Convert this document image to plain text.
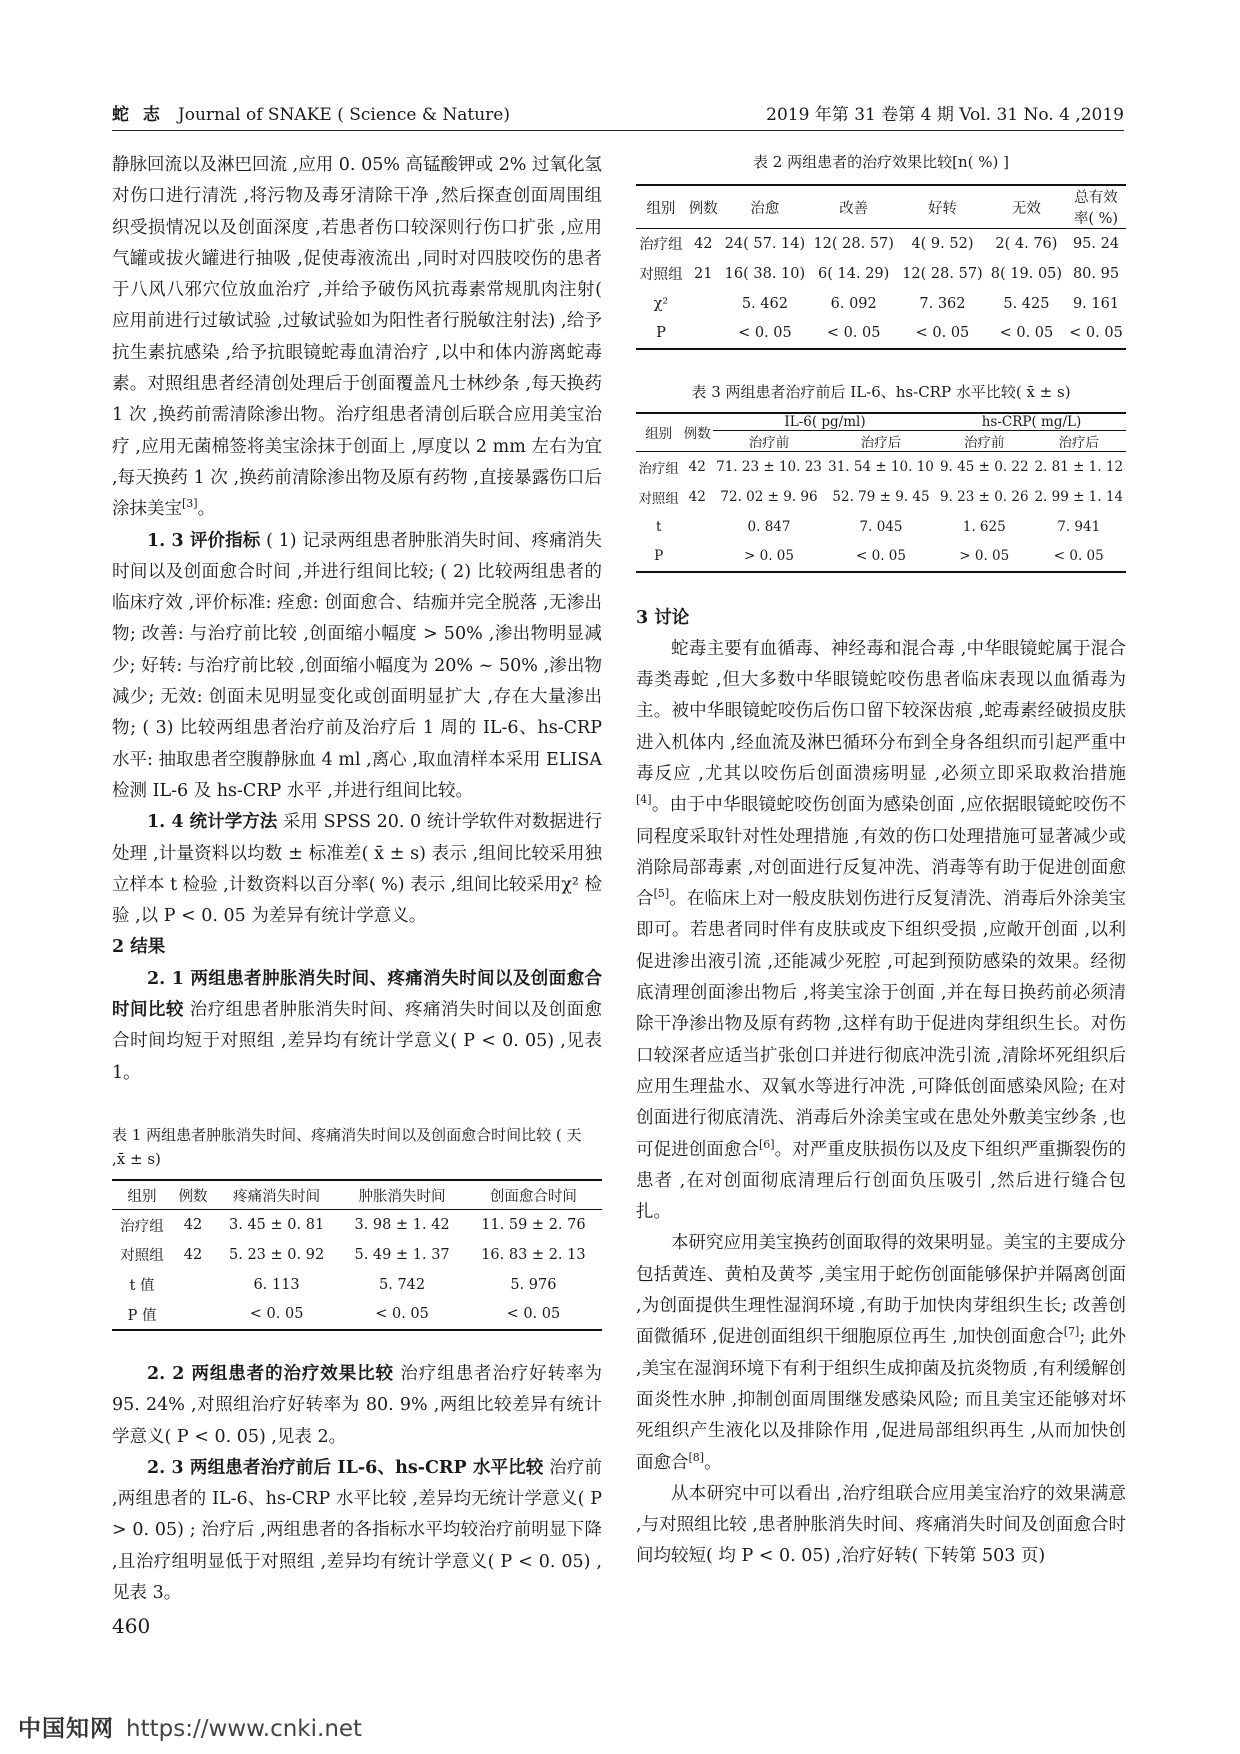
蛇 志 Journal of SNAKE ( Science & Nature)	2019 年第 31 卷第 4 期 Vol. 31 No. 4 ,2019

静脉回流以及淋巴回流 ,应用 0. 05% 高锰酸钾或 2% 过氧化氢对伤口进行清洗 ,将污物及毒牙清除干净 ,然后探查创面周围组织受损情况以及创面深度 ,若患者伤口较深则行伤口扩张 ,应用气罐或拔火罐进行抽吸 ,促使毒液流出 ,同时对四肢咬伤的患者于八风八邪穴位放血治疗 ,并给予破伤风抗毒素常规肌肉注射( 应用前进行过敏试验 ,过敏试验如为阳性者行脱敏注射法) ,给予抗生素抗感染 ,给予抗眼镜蛇毒血清治疗 ,以中和体内游离蛇毒素。对照组患者经清创处理后于创面覆盖凡士林纱条 ,每天换药 1 次 ,换药前需清除渗出物。治疗组患者清创后联合应用美宝治疗 ,应用无菌棉签将美宝涂抹于创面上 ,厚度以 2 mm 左右为宜 ,每天换药 1 次 ,换药前清除渗出物及原有药物 ,直接暴露伤口后涂抹美宝[3]。

1. 3 评价指标 ( 1) 记录两组患者肿胀消失时间、疼痛消失时间以及创面愈合时间 ,并进行组间比较; ( 2) 比较两组患者的临床疗效 ,评价标准: 痊愈: 创面愈合、结痂并完全脱落 ,无渗出物; 改善: 与治疗前比较 ,创面缩小幅度 > 50% ,渗出物明显减少; 好转: 与治疗前比较 ,创面缩小幅度为 20% ~ 50% ,渗出物减少; 无效: 创面未见明显变化或创面明显扩大 ,存在大量渗出物; ( 3) 比较两组患者治疗前及治疗后 1 周的 IL-6、hs-CRP 水平: 抽取患者空腹静脉血 4 ml ,离心 ,取血清样本采用 ELISA 检测 IL-6 及 hs-CRP 水平 ,并进行组间比较。

1. 4 统计学方法 采用 SPSS 20. 0 统计学软件对数据进行处理 ,计量资料以均数 ± 标准差( x̄ ± s) 表示 ,组间比较采用独立样本 t 检验 ,计数资料以百分率( %) 表示 ,组间比较采用χ² 检验 ,以 P < 0. 05 为差异有统计学意义。

2 结果

2. 1 两组患者肿胀消失时间、疼痛消失时间以及创面愈合时间比较 治疗组患者肿胀消失时间、疼痛消失时间以及创面愈合时间均短于对照组 ,差异均有统计学意义( P < 0. 05) ,见表 1。

表 1 两组患者肿胀消失时间、疼痛消失时间以及创面愈合时间比较 ( 天 ,x̄ ± s)
组别	例数	疼痛消失时间	肿胀消失时间	创面愈合时间
治疗组	42	3. 45 ± 0. 81	3. 98 ± 1. 42	11. 59 ± 2. 76
对照组	42	5. 23 ± 0. 92	5. 49 ± 1. 37	16. 83 ± 2. 13
t 值		6. 113	5. 742	5. 976
P 值		< 0. 05	< 0. 05	< 0. 05

2. 2 两组患者的治疗效果比较 治疗组患者治疗好转率为 95. 24% ,对照组治疗好转率为 80. 9% ,两组比较差异有统计学意义( P < 0. 05) ,见表 2。

2. 3 两组患者治疗前后 IL-6、hs-CRP 水平比较 治疗前 ,两组患者的 IL-6、hs-CRP 水平比较 ,差异均无统计学意义( P > 0. 05) ; 治疗后 ,两组患者的各指标水平均较治疗前明显下降 ,且治疗组明显低于对照组 ,差异均有统计学意义( P < 0. 05) ,见表 3。

表 2 两组患者的治疗效果比较[n( %) ]
组别	例数	治愈	改善	好转	无效	总有效率( %)
治疗组	42	24( 57. 14)	12( 28. 57)	4( 9. 52)	2( 4. 76)	95. 24
对照组	21	16( 38. 10)	6( 14. 29)	12( 28. 57)	8( 19. 05)	80. 95
χ²		5. 462	6. 092	7. 362	5. 425	9. 161
P		< 0. 05	< 0. 05	< 0. 05	< 0. 05	< 0. 05
表 3 两组患者治疗前后 IL-6、hs-CRP 水平比较( x̄ ± s)
组别	例数	IL-6( pg/ml)		hs-CRP( mg/L)	
		治疗前	治疗后	治疗前	治疗后
治疗组	42	71. 23 ± 10. 23	31. 54 ± 10. 10	9. 45 ± 0. 22	2. 81 ± 1. 12
对照组	42	72. 02 ± 9. 96	52. 79 ± 9. 45	9. 23 ± 0. 26	2. 99 ± 1. 14
t		0. 847	7. 045	1. 625	7. 941
P		> 0. 05	< 0. 05	> 0. 05	< 0. 05

3 讨论

蛇毒主要有血循毒、神经毒和混合毒 ,中华眼镜蛇属于混合毒类毒蛇 ,但大多数中华眼镜蛇咬伤患者临床表现以血循毒为主。被中华眼镜蛇咬伤后伤口留下较深齿痕 ,蛇毒素经破损皮肤进入机体内 ,经血流及淋巴循环分布到全身各组织而引起严重中毒反应 ,尤其以咬伤后创面溃疡明显 ,必须立即采取救治措施[4]。由于中华眼镜蛇咬伤创面为感染创面 ,应依据眼镜蛇咬伤不同程度采取针对性处理措施 ,有效的伤口处理措施可显著减少或消除局部毒素 ,对创面进行反复冲洗、消毒等有助于促进创面愈合[5]。在临床上对一般皮肤划伤进行反复清洗、消毒后外涂美宝即可。若患者同时伴有皮肤或皮下组织受损 ,应敞开创面 ,以利促进渗出液引流 ,还能减少死腔 ,可起到预防感染的效果。经彻底清理创面渗出物后 ,将美宝涂于创面 ,并在每日换药前必须清除干净渗出物及原有药物 ,这样有助于促进肉芽组织生长。对伤口较深者应适当扩张创口并进行彻底冲洗引流 ,清除坏死组织后应用生理盐水、双氧水等进行冲洗 ,可降低创面感染风险; 在对创面进行彻底清洗、消毒后外涂美宝或在患处外敷美宝纱条 ,也可促进创面愈合[6]。对严重皮肤损伤以及皮下组织严重撕裂伤的患者 ,在对创面彻底清理后行创面负压吸引 ,然后进行缝合包扎。

本研究应用美宝换药创面取得的效果明显。美宝的主要成分包括黄连、黄柏及黄芩 ,美宝用于蛇伤创面能够保护并隔离创面 ,为创面提供生理性湿润环境 ,有助于加快肉芽组织生长; 改善创面微循环 ,促进创面组织干细胞原位再生 ,加快创面愈合[7]; 此外 ,美宝在湿润环境下有利于组织生成抑菌及抗炎物质 ,有利缓解创面炎性水肿 ,抑制创面周围继发感染风险; 而且美宝还能够对坏死组织产生液化以及排除作用 ,促进局部组织再生 ,从而加快创面愈合[8]。

从本研究中可以看出 ,治疗组联合应用美宝治疗的效果满意 ,与对照组比较 ,患者肿胀消失时间、疼痛消失时间及创面愈合时间均较短( 均 P < 0. 05) ,治疗好转( 下转第 503 页)

460
中国知网 https://www.cnki.net
